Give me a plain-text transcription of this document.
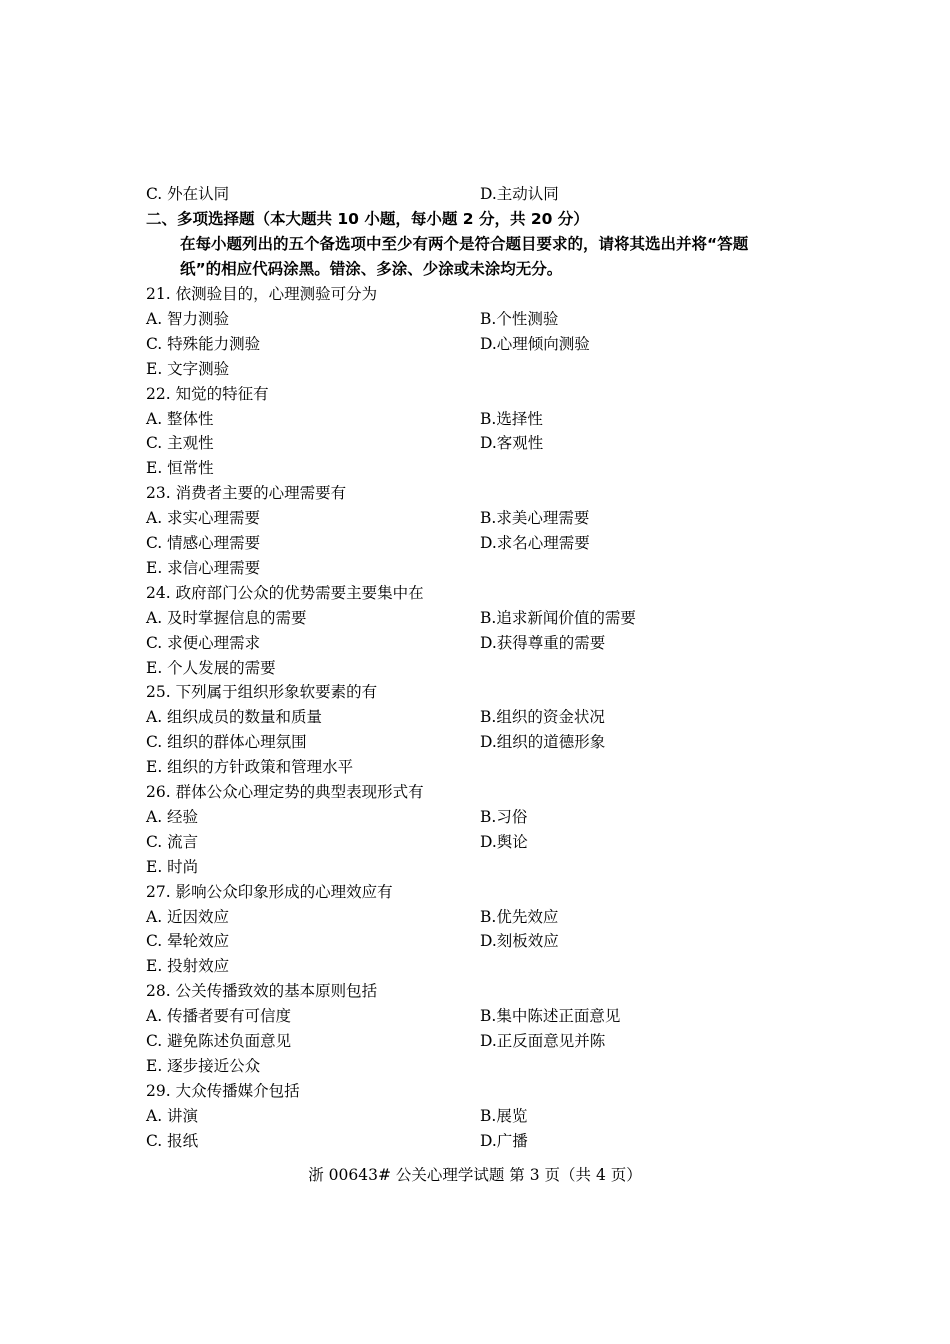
C. 外在认同	D.主动认同
二、多项选择题（本大题共 10 小题，每小题 2 分，共 20 分）
在每小题列出的五个备选项中至少有两个是符合题目要求的，请将其选出并将“答题
纸”的相应代码涂黑。错涂、多涂、少涂或未涂均无分。
21. 依测验目的，心理测验可分为
A. 智力测验	B.个性测验
C. 特殊能力测验	D.心理倾向测验
E. 文字测验
22. 知觉的特征有
A. 整体性	B.选择性
C. 主观性	D.客观性
E. 恒常性
23. 消费者主要的心理需要有
A. 求实心理需要	B.求美心理需要
C. 情感心理需要	D.求名心理需要
E. 求信心理需要
24. 政府部门公众的优势需要主要集中在
A. 及时掌握信息的需要	B.追求新闻价值的需要
C. 求便心理需求	D.获得尊重的需要
E. 个人发展的需要
25. 下列属于组织形象软要素的有
A. 组织成员的数量和质量	B.组织的资金状况
C. 组织的群体心理氛围	D.组织的道德形象
E. 组织的方针政策和管理水平
26. 群体公众心理定势的典型表现形式有
A. 经验	B.习俗
C. 流言	D.舆论
E. 时尚
27. 影响公众印象形成的心理效应有
A. 近因效应	B.优先效应
C. 晕轮效应	D.刻板效应
E. 投射效应
28. 公关传播致效的基本原则包括
A. 传播者要有可信度	B.集中陈述正面意见
C. 避免陈述负面意见	D.正反面意见并陈
E. 逐步接近公众
29. 大众传播媒介包括
A. 讲演	B.展览
C. 报纸	D.广播
浙 00643# 公关心理学试题 第 3 页（共 4 页）
